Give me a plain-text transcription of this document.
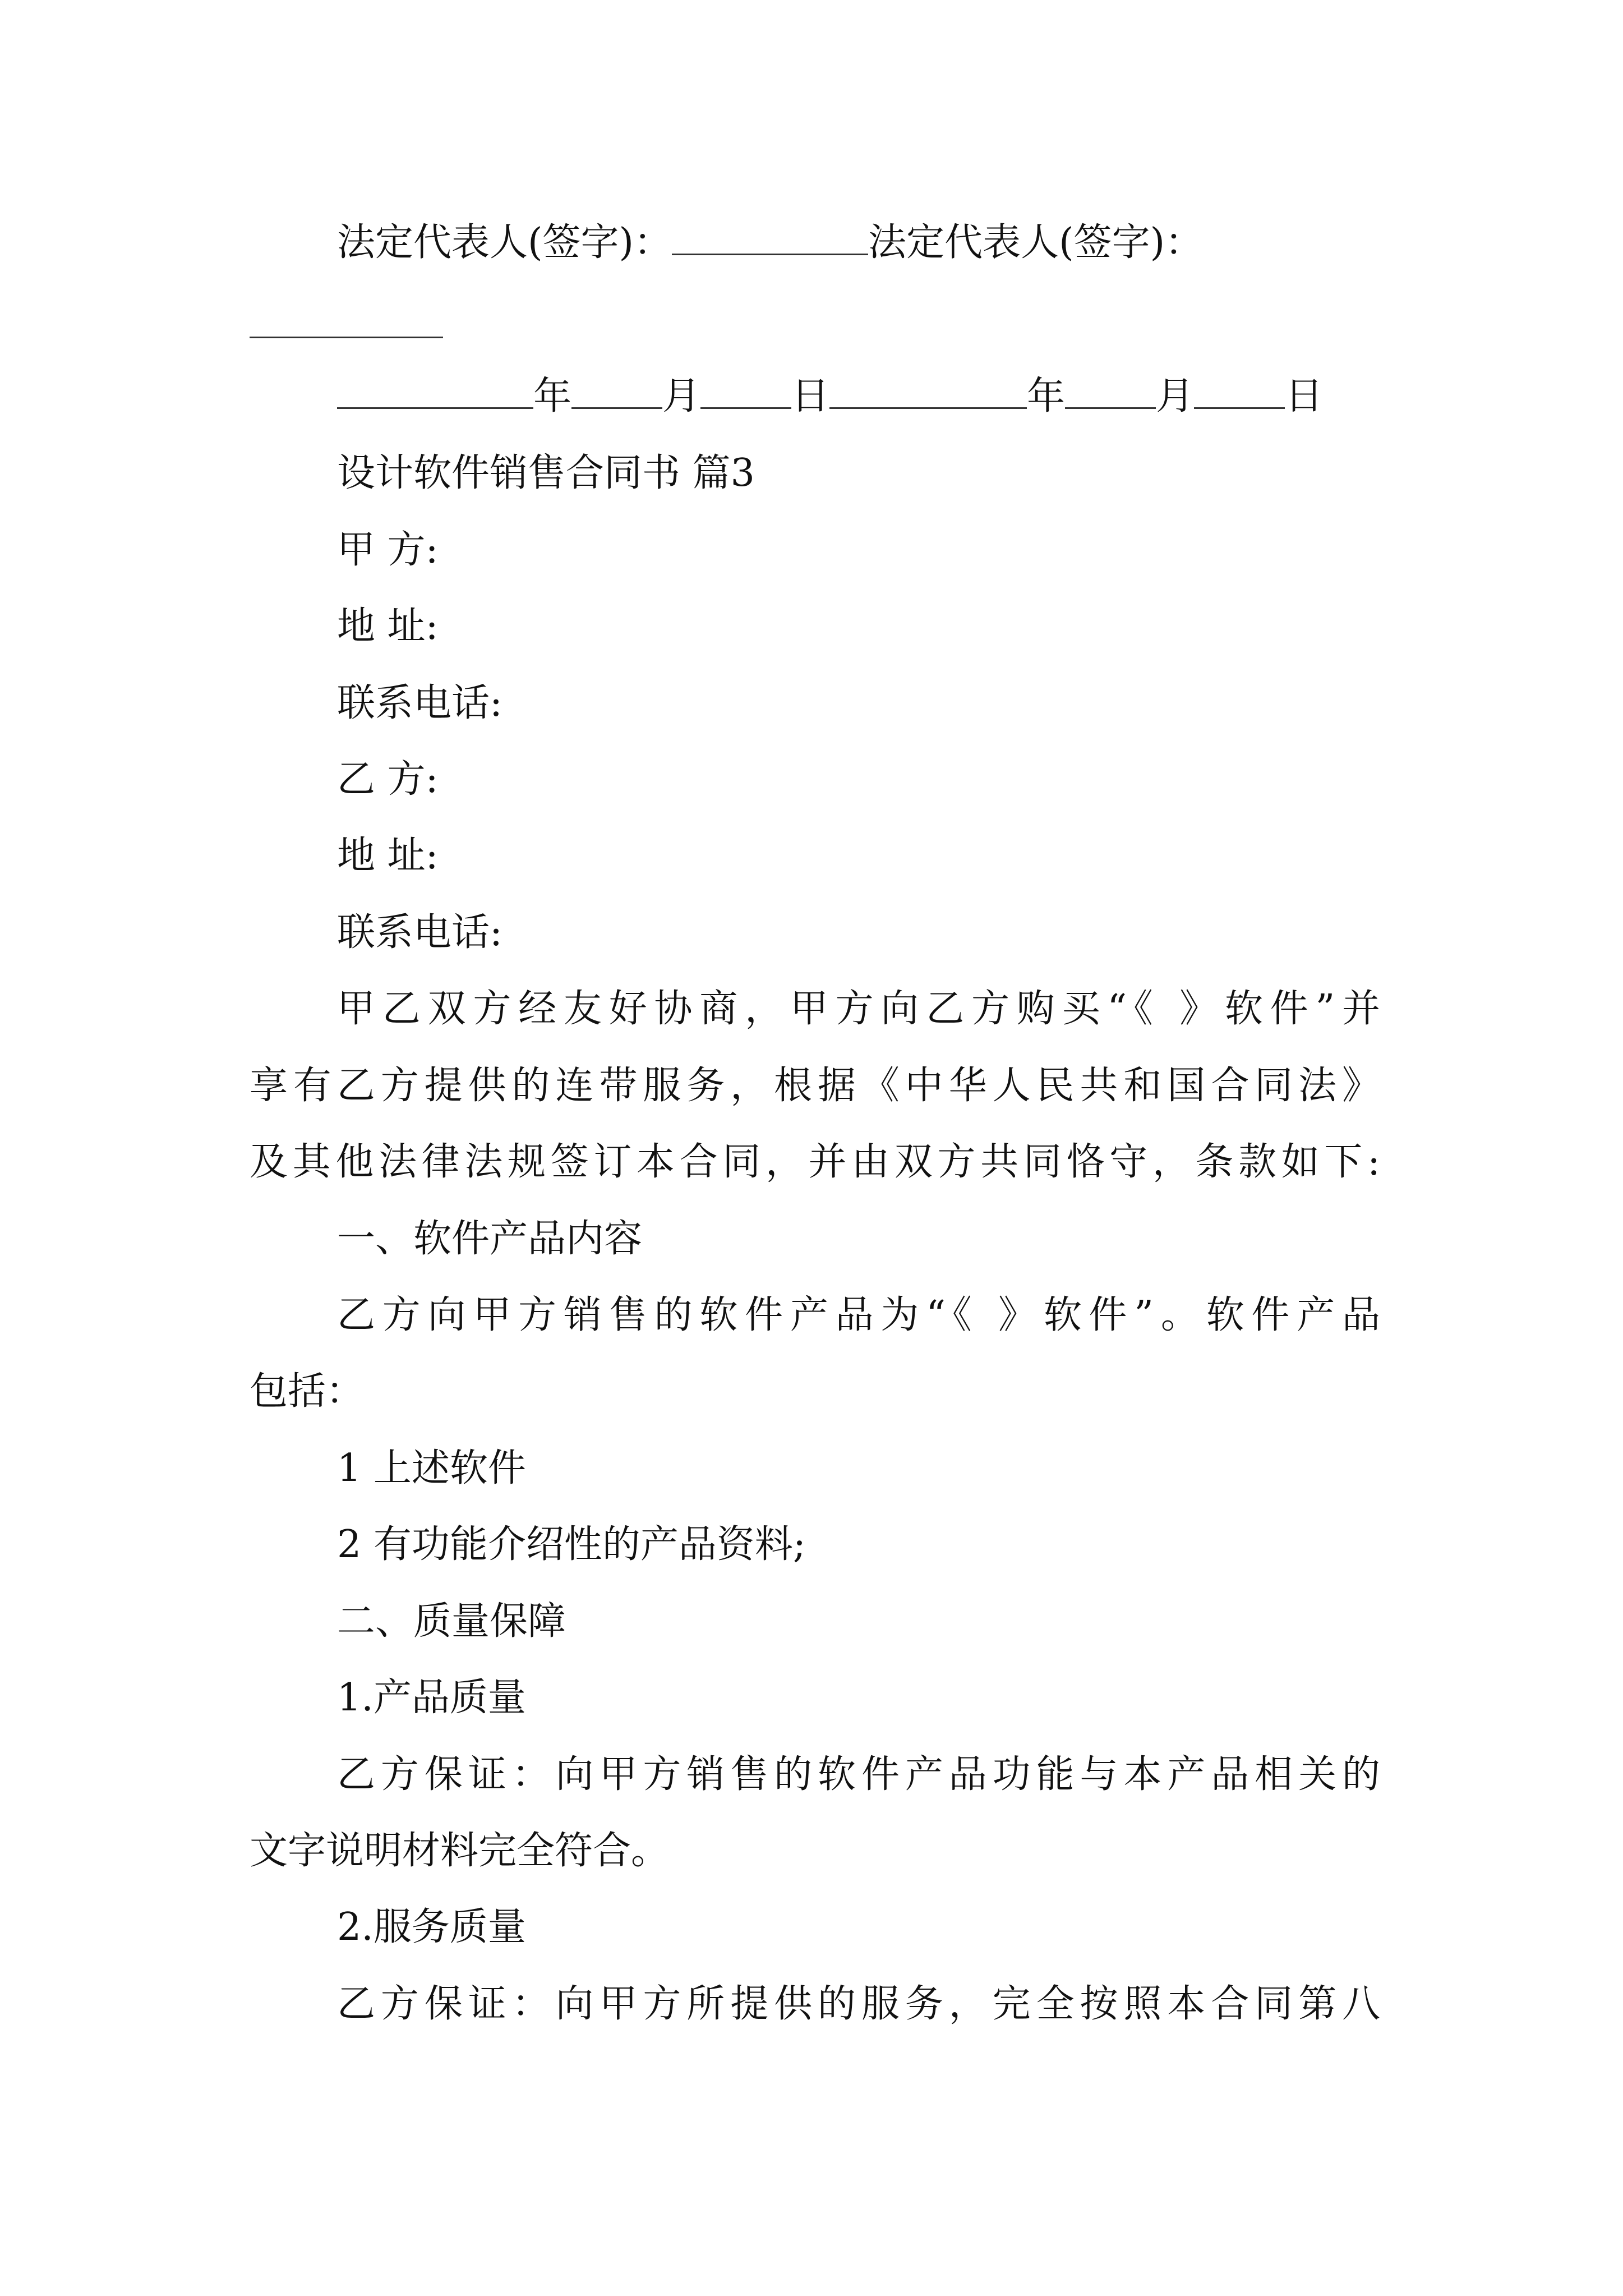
法定代表人(签字)：	法定代表人(签字)：
年 月 日	年 月 日
设计软件销售合同书 篇3
甲 方:
地 址:
联系电话:
乙 方:
地 址:
联系电话:
甲乙双方经友好协商，甲方向乙方购买“《 》软件”并
享有乙方提供的连带服务，根据《中华人民共和国合同法》
及其他法律法规签订本合同，并由双方共同恪守，条款如下:
一、软件产品内容
乙方向甲方销售的软件产品为“《 》软件”。软件产品
包括：
1 上述软件
2 有功能介绍性的产品资料;
二、质量保障
1.产品质量
乙方保证：向甲方销售的软件产品功能与本产品相关的
文字说明材料完全符合。
2.服务质量
乙方保证：向甲方所提供的服务，完全按照本合同第八
